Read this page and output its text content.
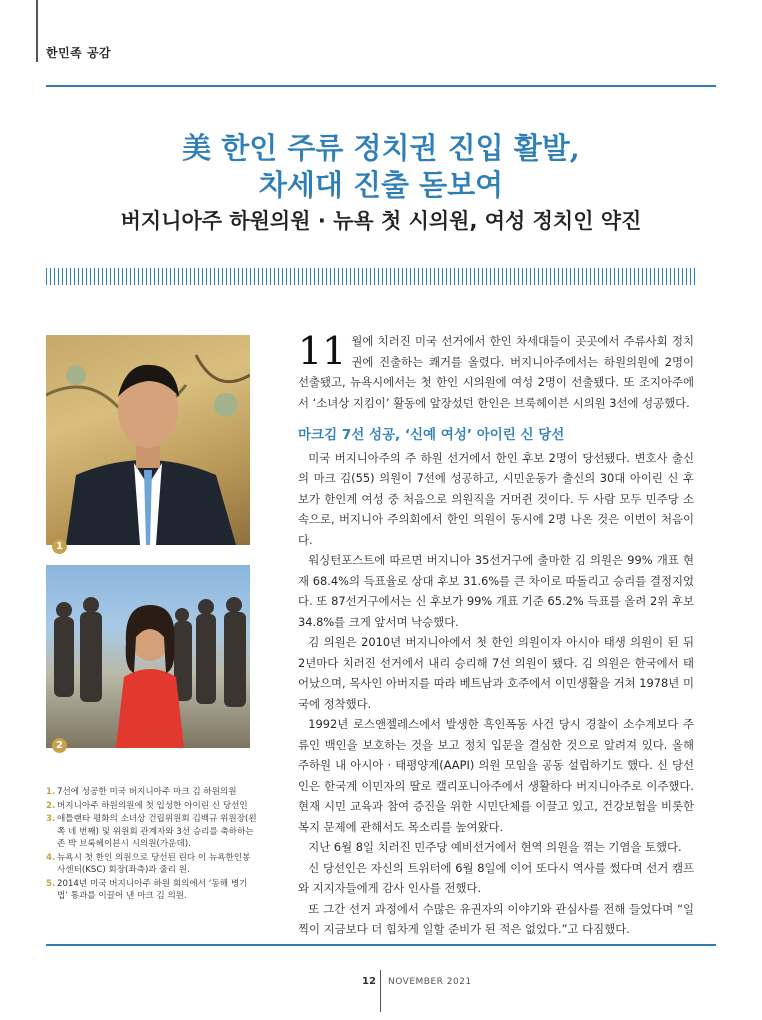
한민족 공감
美 한인 주류 정치권 진입 활발,
차세대 진출 돋보여
버지니아주 하원의원 · 뉴욕 첫 시의원, 여성 정치인 약진
1
2
1. 7선에 성공한 미국 버지니아주 마크 김 하원의원
2. 버지니아주 하원의원에 첫 입성한 아이린 신 당선인
3. 애틀랜타 평화의 소녀상 건립위원회 김백규 위원장(왼쪽 네 번째) 및 위원회 관계자와 3선 승리를 축하하는 존 박 브룩헤이븐시 시의원(가운데).
4. 뉴욕시 첫 한인 의원으로 당선된 린다 이 뉴욕한인봉사센터(KSC) 회장(좌측)과 줄리 원.
5. 2014년 미국 버지니아주 하원 회의에서 ‘동해 병기법’ 통과를 이끌어 낸 마크 김 의원.

11 월에 치러진 미국 선거에서 한인 차세대들이 곳곳에서 주류사회 정치권에 진출하는 쾌거를 올렸다. 버지니아주에서는 하원의원에 2명이 선출됐고, 뉴욕시에서는 첫 한인 시의원에 여성 2명이 선출됐다. 또 조지아주에서 ‘소녀상 지킴이’ 활동에 앞장섰던 한인은 브룩헤이븐 시의원 3선에 성공했다.

마크김 7선 성공, ‘신예 여성’ 아이린 신 당선

미국 버지니아주의 주 하원 선거에서 한인 후보 2명이 당선됐다. 변호사 출신의 마크 김(55) 의원이 7선에 성공하고, 시민운동가 출신의 30대 아이린 신 후보가 한인계 여성 중 처음으로 의원직을 거머쥔 것이다. 두 사람 모두 민주당 소속으로, 버지니아 주의회에서 한인 의원이 동시에 2명 나온 것은 이번이 처음이다.

워싱턴포스트에 따르면 버지니아 35선거구에 출마한 김 의원은 99% 개표 현재 68.4%의 득표율로 상대 후보 31.6%를 큰 차이로 따돌리고 승리를 결정지었다. 또 87선거구에서는 신 후보가 99% 개표 기준 65.2% 득표를 올려 2위 후보 34.8%를 크게 앞서며 낙승했다.

김 의원은 2010년 버지니아에서 첫 한인 의원이자 아시아 태생 의원이 된 뒤 2년마다 치러진 선거에서 내리 승리해 7선 의원이 됐다. 김 의원은 한국에서 태어났으며, 목사인 아버지를 따라 베트남과 호주에서 이민생활을 거쳐 1978년 미국에 정착했다.

1992년 로스앤젤레스에서 발생한 흑인폭동 사건 당시 경찰이 소수계보다 주류인 백인을 보호하는 것을 보고 정치 입문을 결심한 것으로 알려져 있다. 올해 주하원 내 아시아 · 태평양계(AAPI) 의원 모임을 공동 설립하기도 했다. 신 당선인은 한국계 이민자의 딸로 캘리포니아주에서 생활하다 버지니아주로 이주했다. 현재 시민 교육과 참여 증진을 위한 시민단체를 이끌고 있고, 건강보험을 비롯한 복지 문제에 관해서도 목소리를 높여왔다.

지난 6월 8일 치러진 민주당 예비선거에서 현역 의원을 꺾는 기염을 토했다.

신 당선인은 자신의 트위터에 6월 8일에 이어 또다시 역사를 썼다며 선거 캠프와 지지자들에게 감사 인사를 전했다.

또 그간 선거 과정에서 수많은 유권자의 이야기와 관심사를 전해 들었다며 “일찍이 지금보다 더 힘차게 일할 준비가 된 적은 없었다.”고 다짐했다.

12 NOVEMBER 2021
